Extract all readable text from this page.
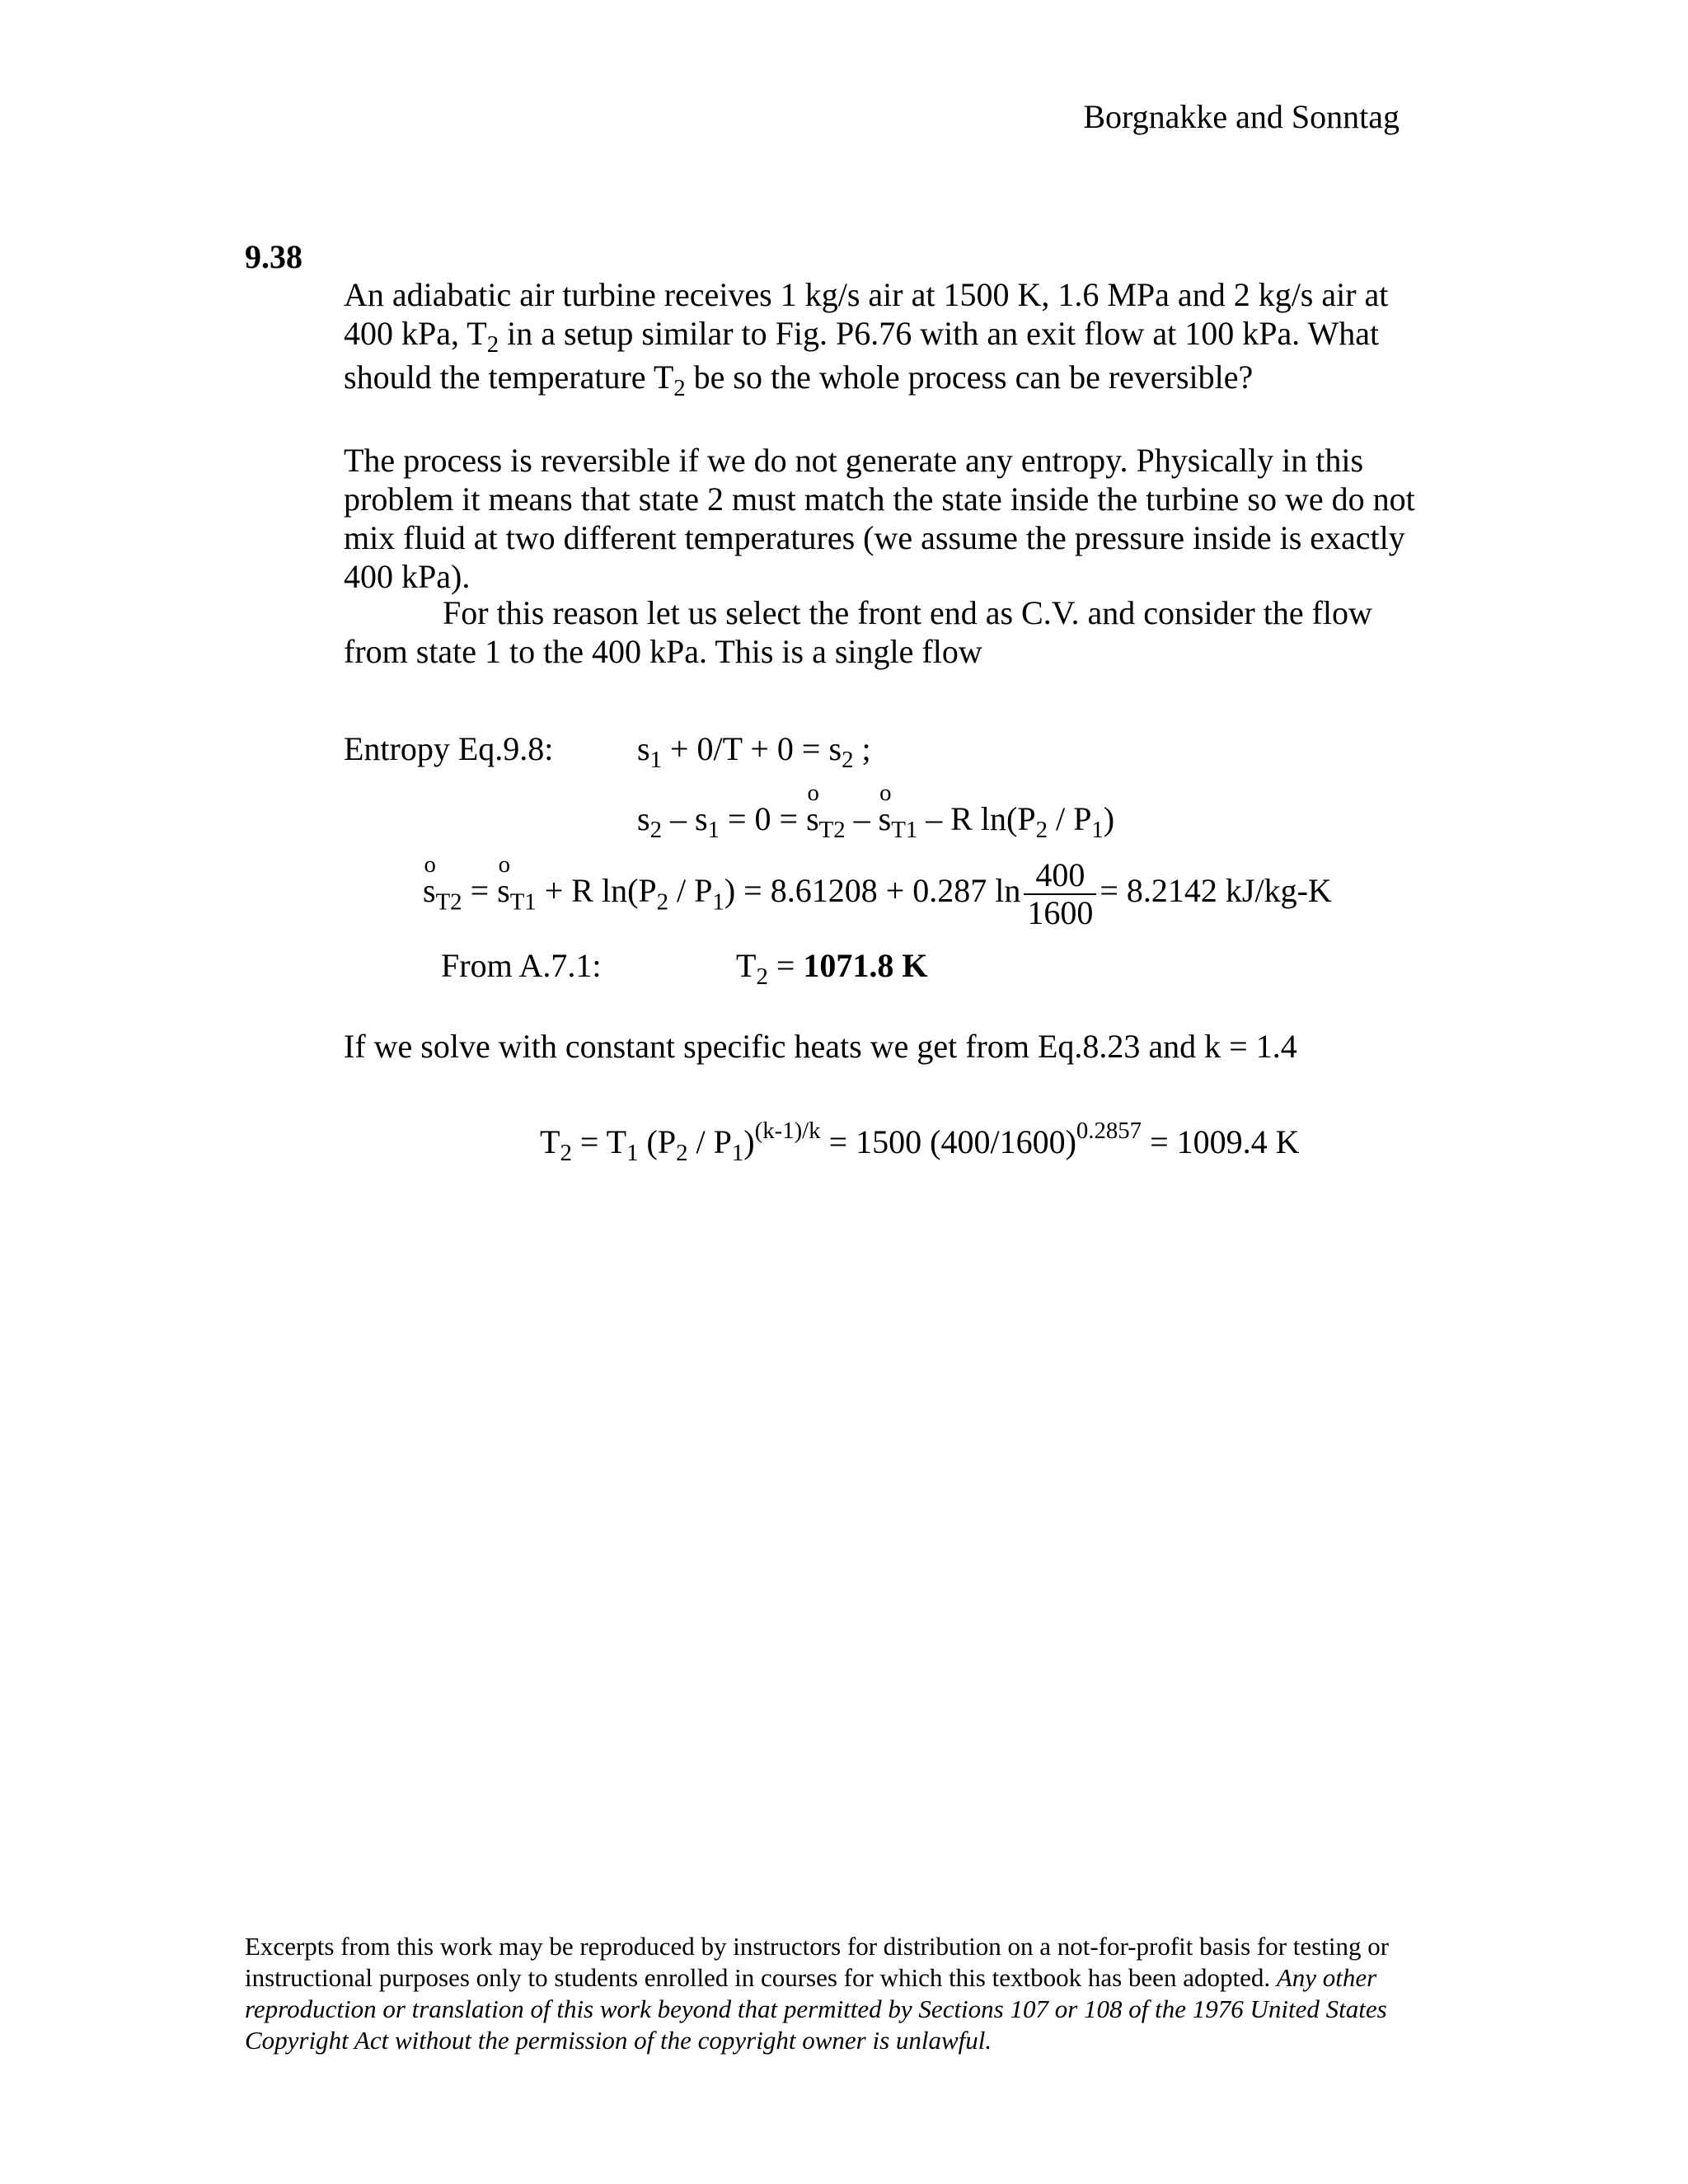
Borgnakke and Sonntag
9.38
An adiabatic air turbine receives 1 kg/s air at 1500 K, 1.6 MPa and 2 kg/s air at
400 kPa, $T_2$ in a setup similar to Fig. P6.76 with an exit flow at 100 kPa. What
should the temperature $T_2$ be so the whole process can be reversible?
The process is reversible if we do not generate any entropy. Physically in this
problem it means that state 2 must match the state inside the turbine so we do not
mix fluid at two different temperatures (we assume the pressure inside is exactly
400 kPa).
For this reason let us select the front end as C.V. and consider the flow
from state 1 to the 400 kPa. This is a single flow
Entropy Eq.9.8:	$s_1 + 0/T + 0 = s_2$ ;
$s_2 - s_1 = 0 = s$
o
$_{T2}$ – s
o
$_{T1}$ – R $\ln(P_2 / P_1)$
s
o
$_{T2}$ = s
o
$_{T1}$ + R $\ln(P_2 / P_1) = 8.61208 + 0.287$ $\ln \frac{400}{1600} = 8.2142$ kJ/kg-K
From A.7.1:	$T_2 = 1071.8$ K
If we solve with constant specific heats we get from Eq.8.23 and k = 1.4
$T_2 = T_1$ $(P_2 / P_1)^{(k-1)/k} = 1500$ $(400/1600)^{0.2857} = 1009.4$ K
Excerpts from this work may be reproduced by instructors for distribution on a not-for-profit basis for testing or instructional purposes only to students enrolled in courses for which this textbook has been adopted. Any other reproduction or translation of this work beyond that permitted by Sections 107 or 108 of the 1976 United States Copyright Act without the permission of the copyright owner is unlawful.
